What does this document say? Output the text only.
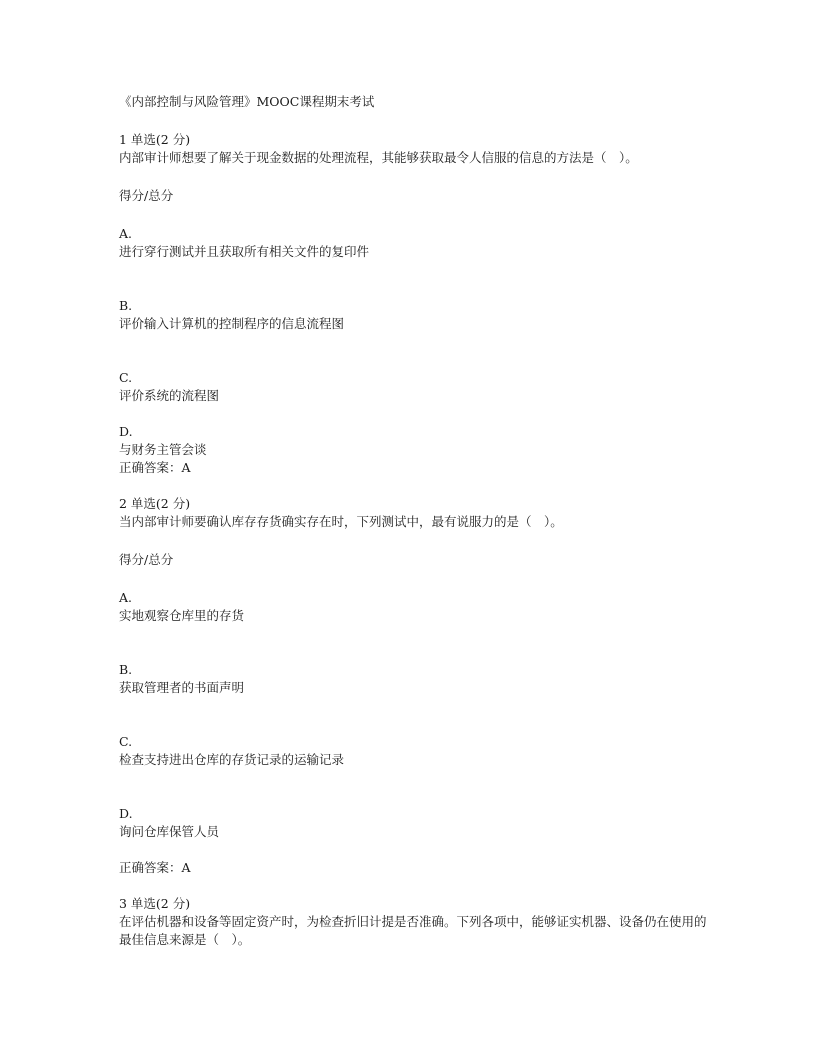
《内部控制与风险管理》MOOC课程期末考试
1 单选(2 分)
内部审计师想要了解关于现金数据的处理流程，其能够获取最令人信服的信息的方法是（　）。
得分/总分
A.
进行穿行测试并且获取所有相关文件的复印件
B.
评价输入计算机的控制程序的信息流程图
C.
评价系统的流程图
D.
与财务主管会谈
正确答案：A
2 单选(2 分)
当内部审计师要确认库存存货确实存在时，下列测试中，最有说服力的是（　）。
得分/总分
A.
实地观察仓库里的存货
B.
获取管理者的书面声明
C.
检查支持进出仓库的存货记录的运输记录
D.
询问仓库保管人员
正确答案：A
3 单选(2 分)
在评估机器和设备等固定资产时，为检查折旧计提是否准确。下列各项中，能够证实机器、设备仍在使用的最佳信息来源是（　）。
